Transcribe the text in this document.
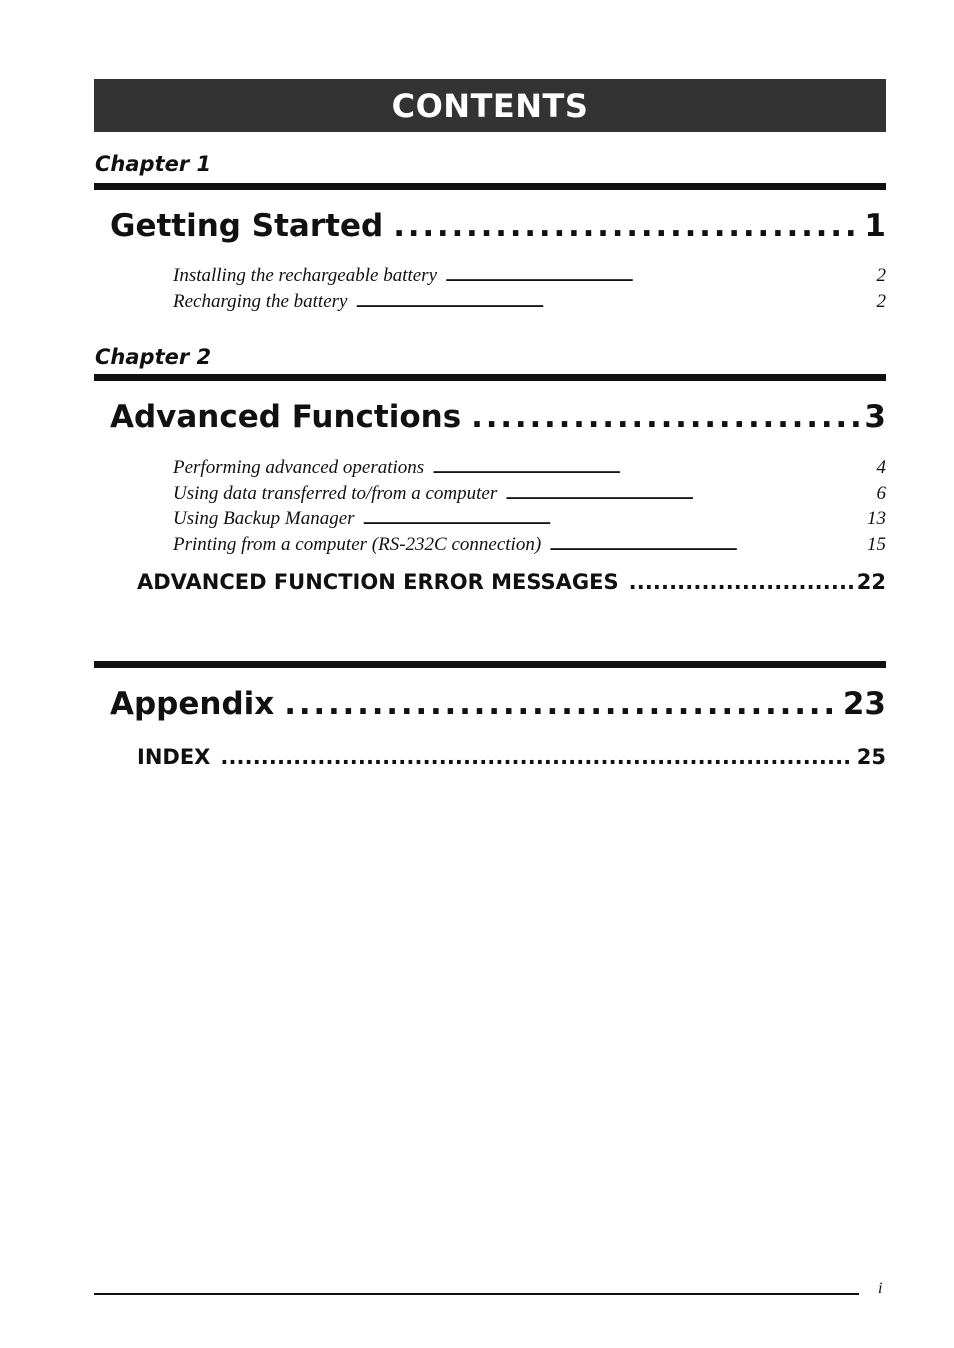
CONTENTS
Chapter 1
Getting Started . . .	1
Installing the rechargeable battery . . .	2
Recharging the battery . . .	2
Chapter 2
Advanced Functions . . .	3
Performing advanced operations . . .	4
Using data transferred to/from a computer . . .	6
Using Backup Manager . . .	13
Printing from a computer (RS-232C connection) . . .	15
ADVANCED FUNCTION ERROR MESSAGES . . .	22
Appendix . . .	23
INDEX . . .	25
i
